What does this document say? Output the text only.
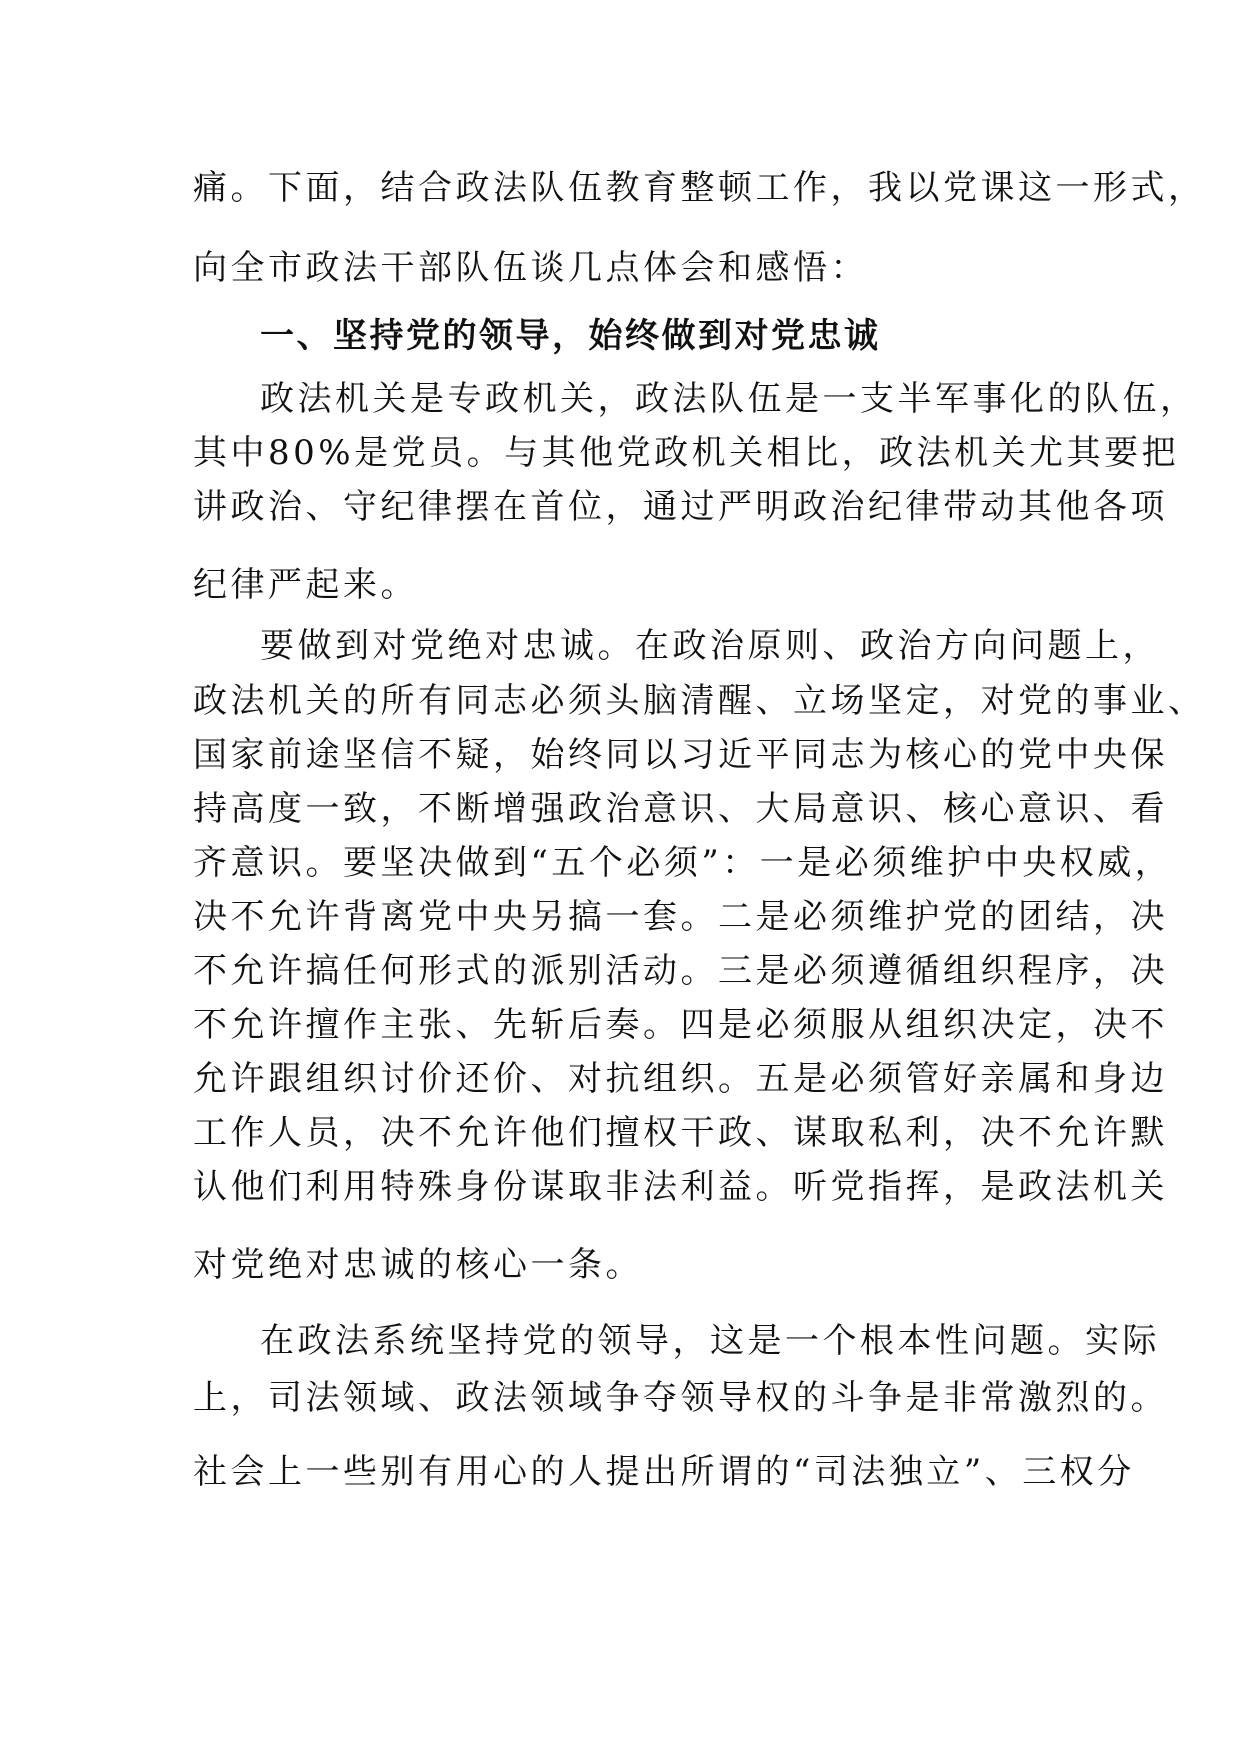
痛。下面，结合政法队伍教育整顿工作，我以党课这一形式，
向全市政法干部队伍谈几点体会和感悟：
一、坚持党的领导，始终做到对党忠诚
政法机关是专政机关，政法队伍是一支半军事化的队伍，
其中80%是党员。与其他党政机关相比，政法机关尤其要把
讲政治、守纪律摆在首位，通过严明政治纪律带动其他各项
纪律严起来。
要做到对党绝对忠诚。在政治原则、政治方向问题上，
政法机关的所有同志必须头脑清醒、立场坚定，对党的事业、
国家前途坚信不疑，始终同以习近平同志为核心的党中央保
持高度一致，不断增强政治意识、大局意识、核心意识、看
齐意识。要坚决做到“五个必须”：一是必须维护中央权威，
决不允许背离党中央另搞一套。二是必须维护党的团结，决
不允许搞任何形式的派别活动。三是必须遵循组织程序，决
不允许擅作主张、先斩后奏。四是必须服从组织决定，决不
允许跟组织讨价还价、对抗组织。五是必须管好亲属和身边
工作人员，决不允许他们擅权干政、谋取私利，决不允许默
认他们利用特殊身份谋取非法利益。听党指挥，是政法机关
对党绝对忠诚的核心一条。
在政法系统坚持党的领导，这是一个根本性问题。实际
上，司法领域、政法领域争夺领导权的斗争是非常激烈的。
社会上一些别有用心的人提出所谓的“司法独立”、三权分
